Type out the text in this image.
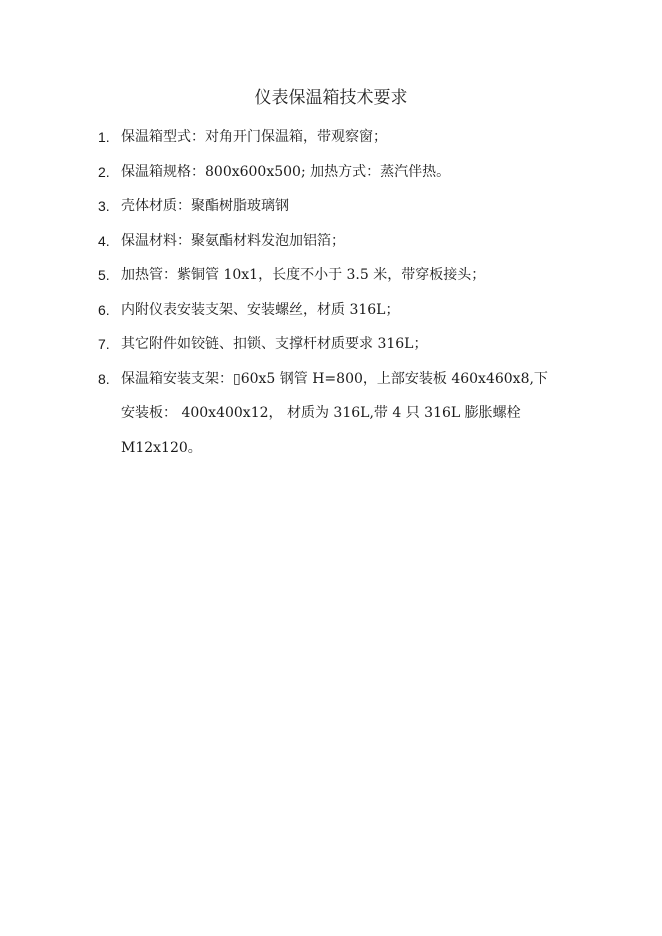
仪表保温箱技术要求
1. 保温箱型式：对角开门保温箱，带观察窗；
2. 保温箱规格：800x600x500; 加热方式：蒸汽伴热。
3. 壳体材质：聚酯树脂玻璃钢
4. 保温材料：聚氨酯材料发泡加铝箔；
5. 加热管：紫铜管 10x1，长度不小于 3.5 米，带穿板接头；
6. 内附仪表安装支架、安装螺丝，材质 316L；
7. 其它附件如铰链、扣锁、支撑杆材质要求 316L；
8. 保温箱安装支架：▯60x5 钢管 H=800，上部安装板 460x460x8,下
安装板： 400x400x12， 材质为 316L,带 4 只 316L 膨胀螺栓
M12x120。
